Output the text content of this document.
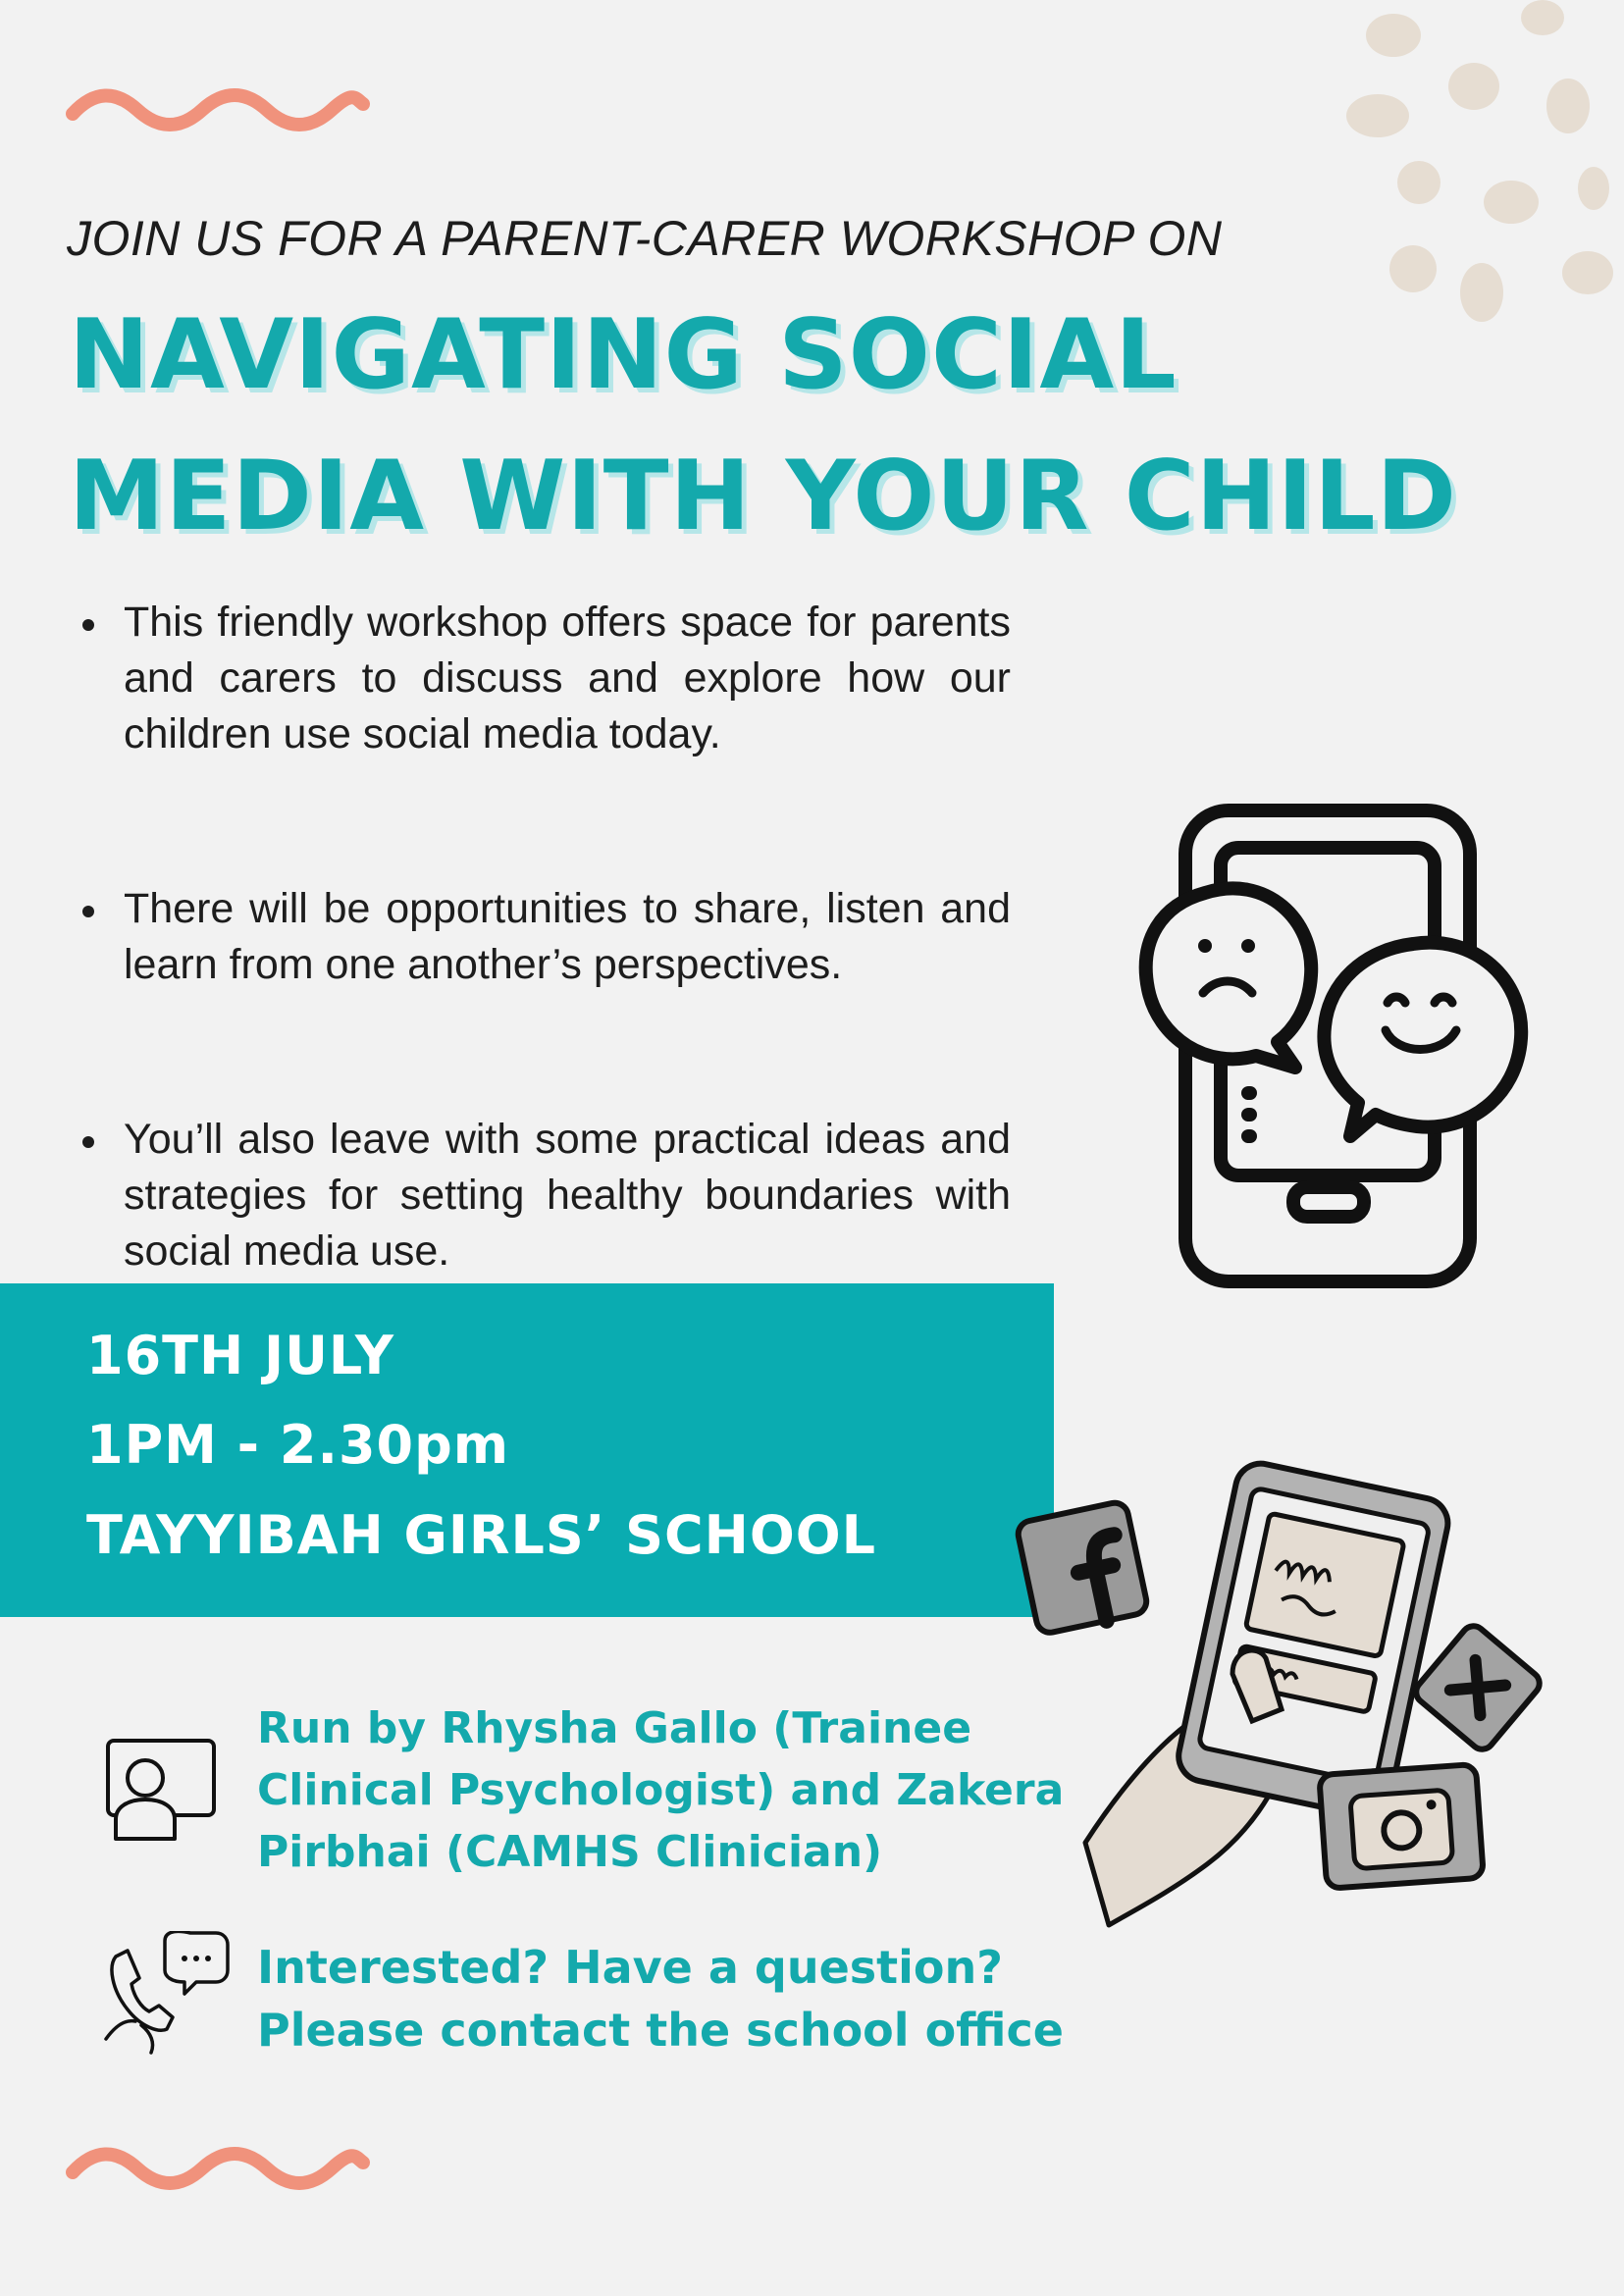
JOIN US FOR A PARENT-CARER WORKSHOP ON
NAVIGATING SOCIAL
MEDIA WITH YOUR CHILD
This friendly workshop offers space for parents and carers to discuss and explore how our children use social media today.
There will be opportunities to share, listen and learn from one another’s perspectives.
You’ll also leave with some practical ideas and strategies for setting healthy boundaries with social media use.
16TH JULY
1PM - 2.30pm
TAYYIBAH GIRLS’ SCHOOL
Run by Rhysha Gallo (Trainee Clinical Psychologist) and Zakera Pirbhai (CAMHS Clinician)
Interested? Have a question?
Please contact the school office
